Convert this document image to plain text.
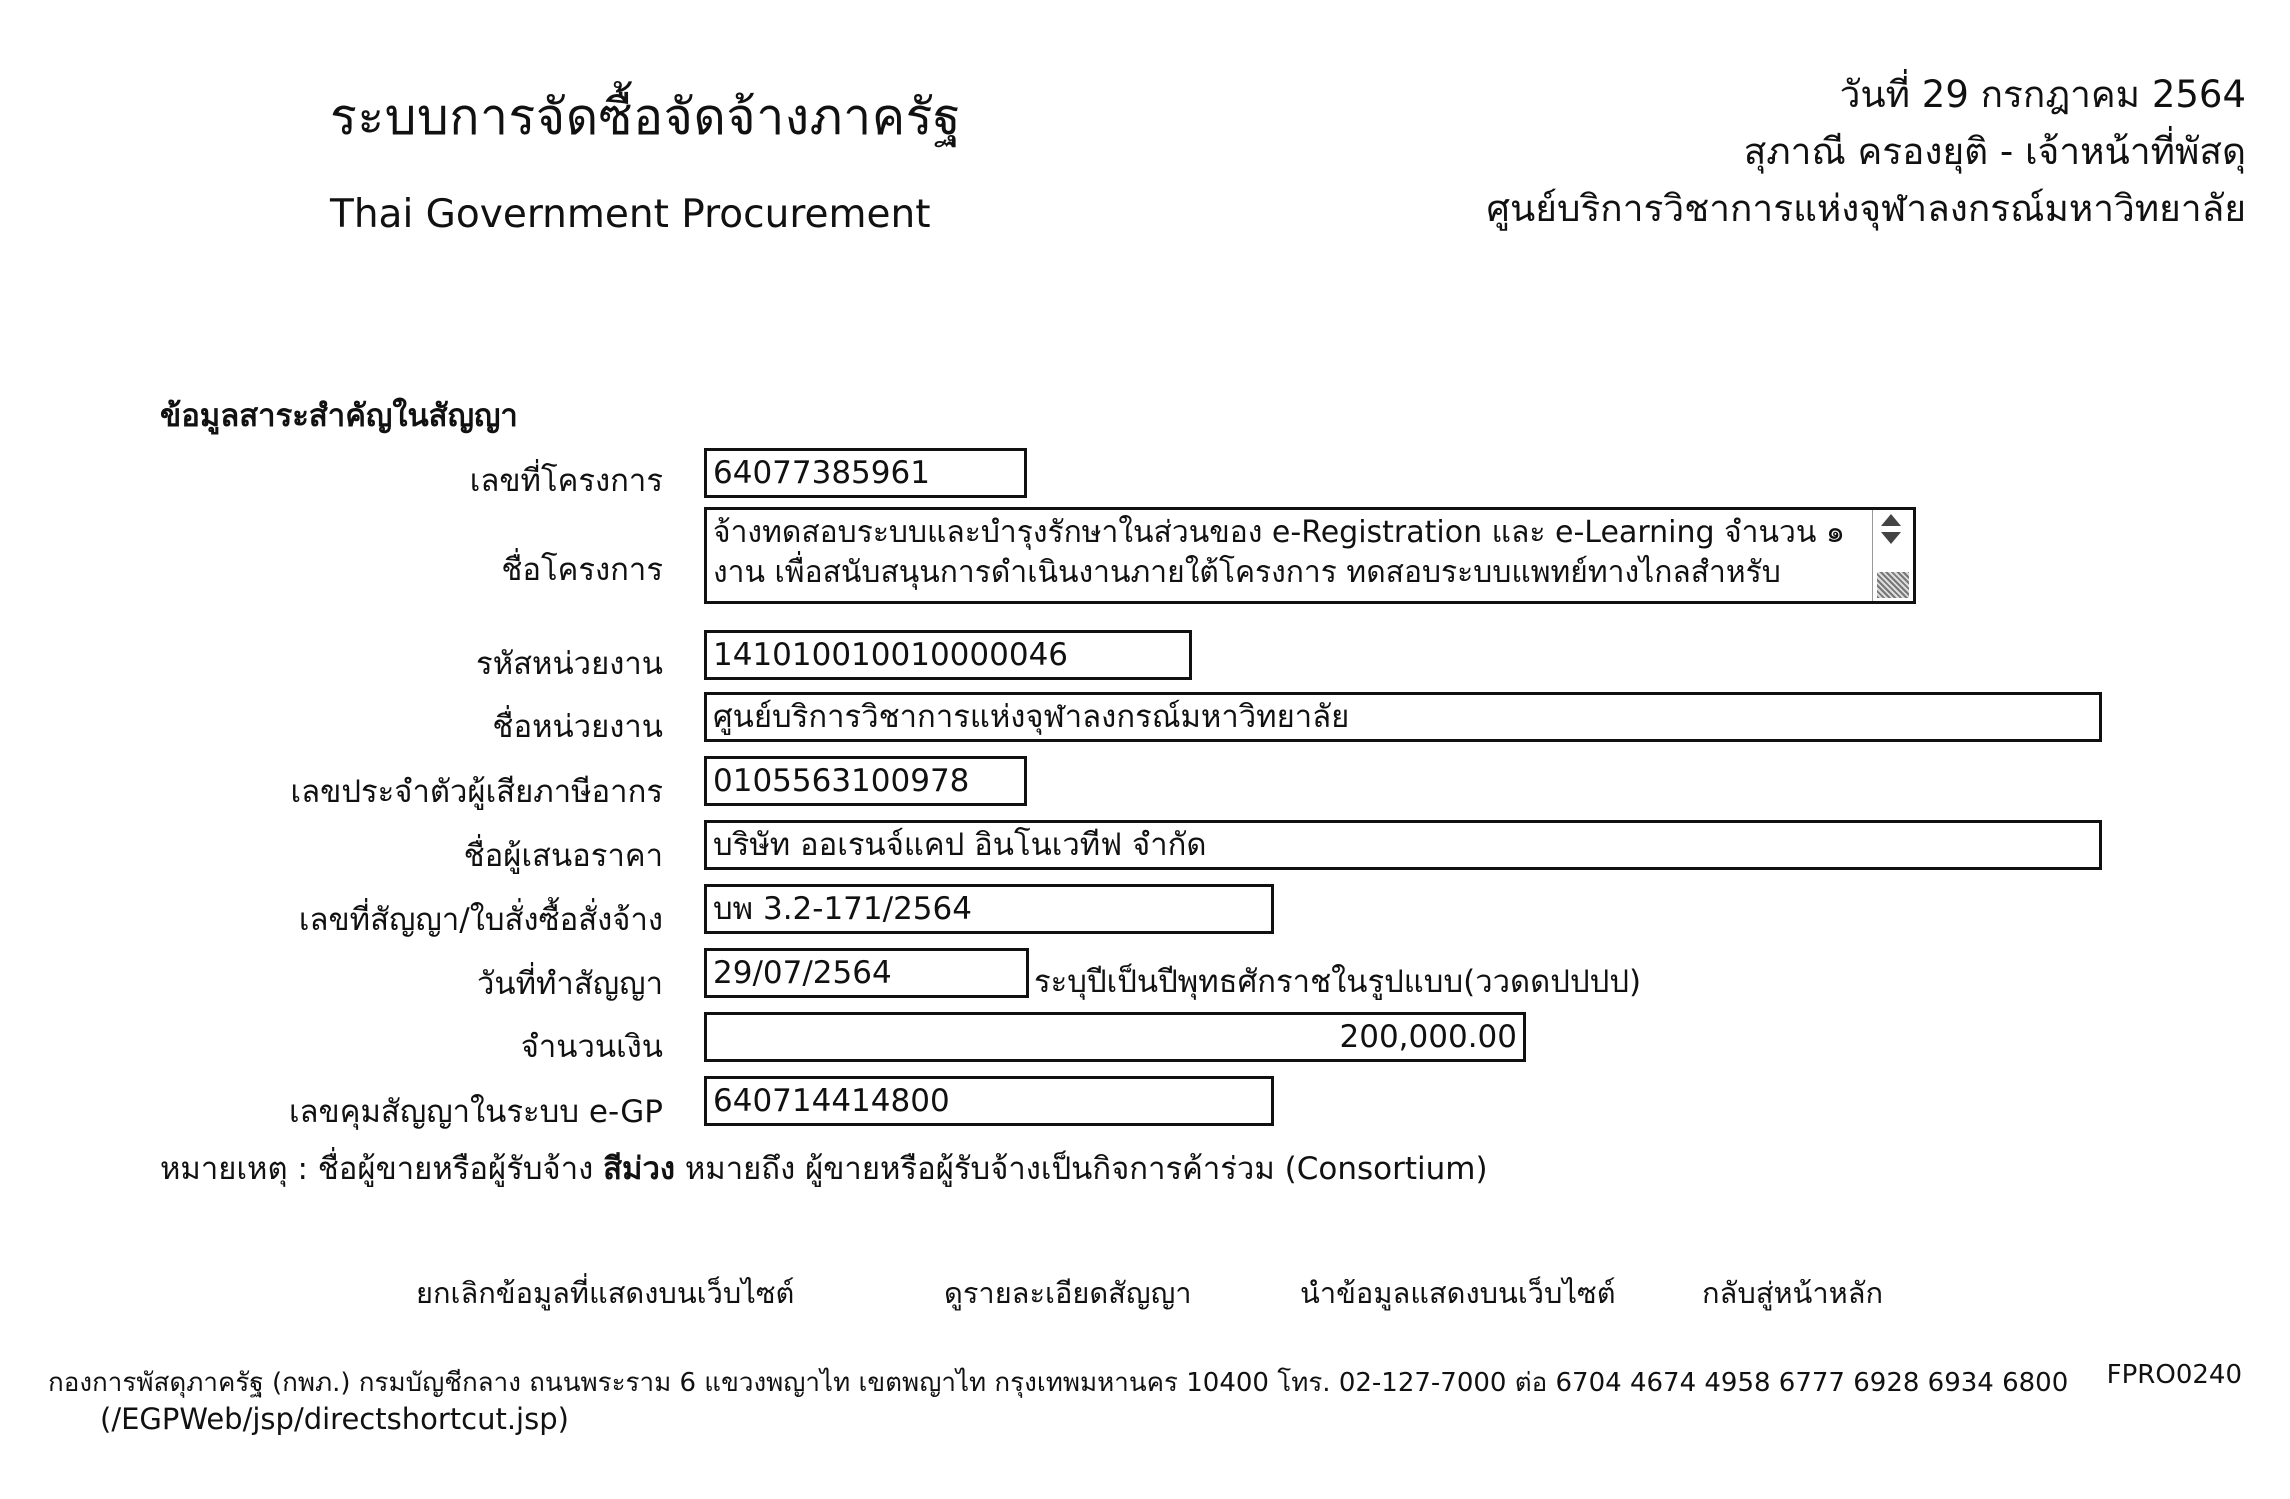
ระบบการจัดซื้อจัดจ้างภาครัฐ
Thai Government Procurement
วันที่ 29 กรกฎาคม 2564
สุภาณี ครองยุติ - เจ้าหน้าที่พัสดุ
ศูนย์บริการวิชาการแห่งจุฬาลงกรณ์มหาวิทยาลัย
ข้อมูลสาระสำคัญในสัญญา
เลขที่โครงการ 64077385961
ชื่อโครงการ
จ้างทดสอบระบบและบำรุงรักษาในส่วนของ e-Registration และ e-Learning จำนวน ๑
งาน เพื่อสนับสนุนการดำเนินงานภายใต้โครงการ ทดสอบระบบแพทย์ทางไกลสำหรับ
รหัสหน่วยงาน 141010010010000046
ชื่อหน่วยงาน ศูนย์บริการวิชาการแห่งจุฬาลงกรณ์มหาวิทยาลัย
เลขประจำตัวผู้เสียภาษีอากร 0105563100978
ชื่อผู้เสนอราคา บริษัท ออเรนจ์แคป อินโนเวทีฟ จำกัด
เลขที่สัญญา/ใบสั่งซื้อสั่งจ้าง บพ 3.2-171/2564
วันที่ทำสัญญา 29/07/2564	ระบุปีเป็นปีพุทธศักราชในรูปแบบ(ววดดปปปป)
จำนวนเงิน	200,000.00
เลขคุมสัญญาในระบบ e-GP 640714414800
หมายเหตุ : ชื่อผู้ขายหรือผู้รับจ้าง สีม่วง หมายถึง ผู้ขายหรือผู้รับจ้างเป็นกิจการค้าร่วม (Consortium)
ยกเลิกข้อมูลที่แสดงบนเว็บไซต์	ดูรายละเอียดสัญญา	นำข้อมูลแสดงบนเว็บไซต์	กลับสู่หน้าหลัก
กองการพัสดุภาครัฐ (กพภ.) กรมบัญชีกลาง ถนนพระราม 6 แขวงพญาไท เขตพญาไท กรุงเทพมหานคร 10400 โทร. 02-127-7000 ต่อ 6704 4674 4958 6777 6928 6934 6800 FPRO0240
(/EGPWeb/jsp/directshortcut.jsp)
